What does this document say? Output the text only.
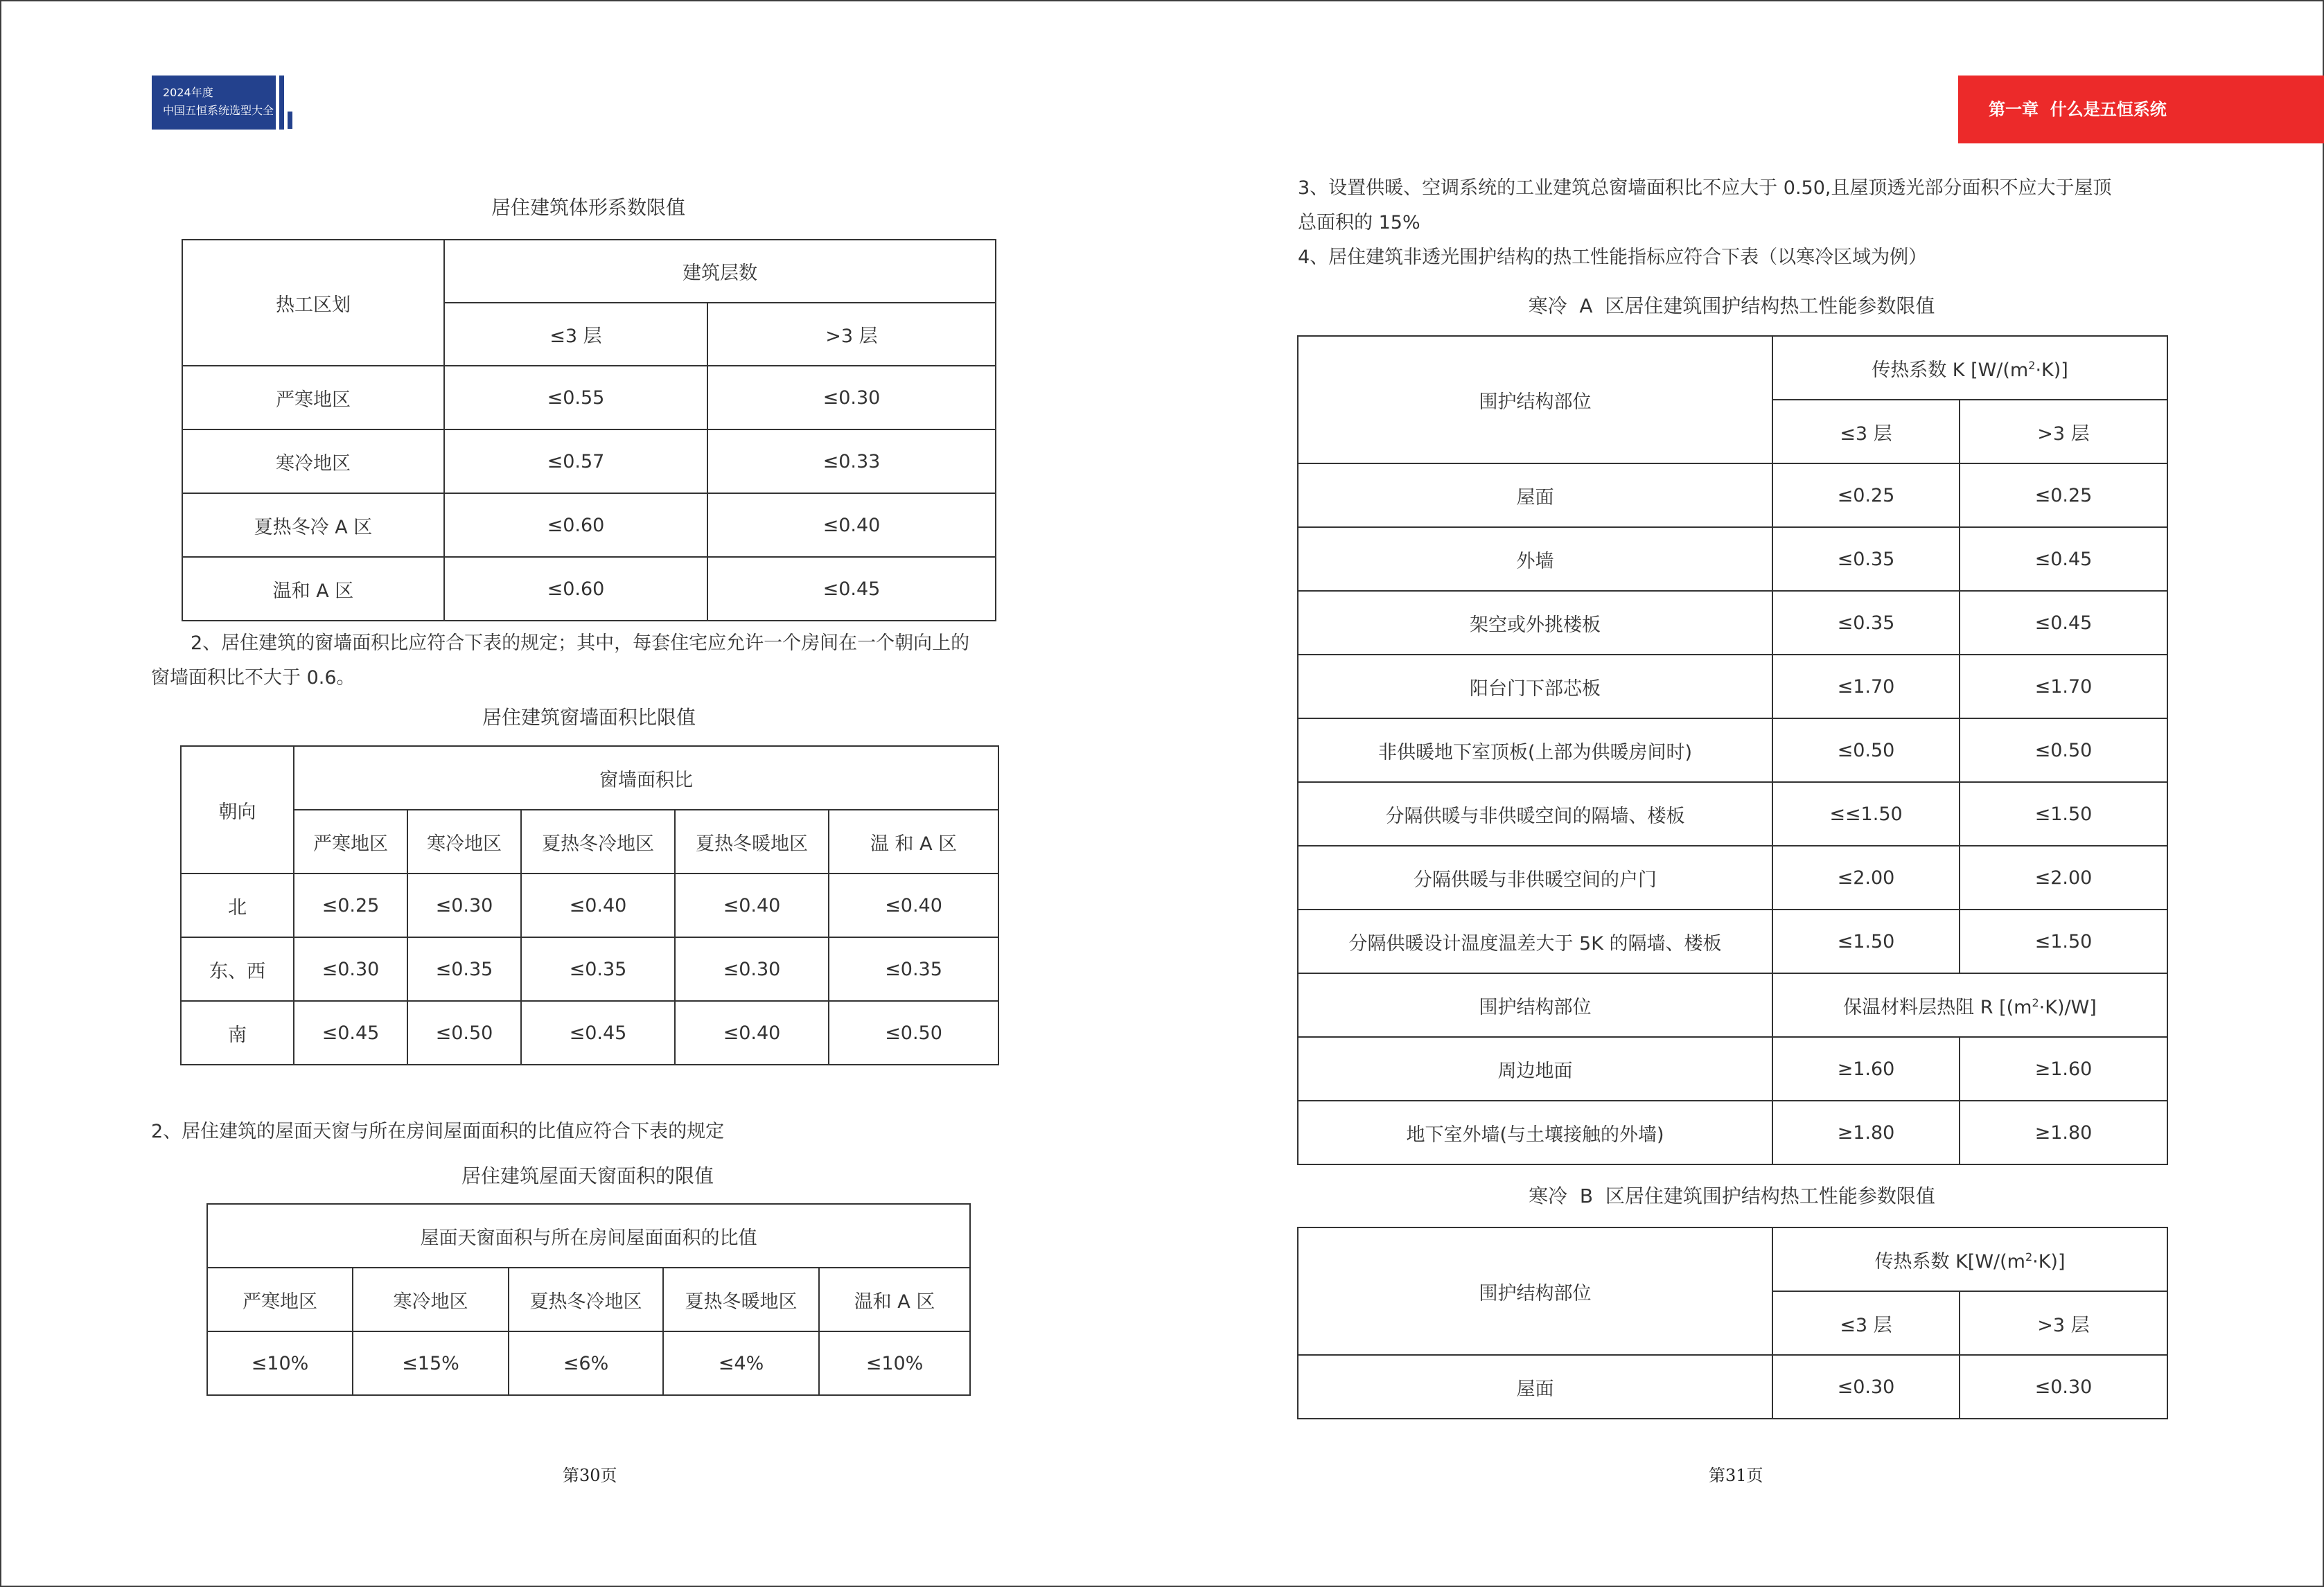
2024年度
中国五恒系统选型大全	第一章  什么是五恒系统
居住建筑体形系数限值
热工区划	建筑层数	
	≤3 层	>3 层
严寒地区	≤0.55	≤0.30
寒冷地区	≤0.57	≤0.33
夏热冬冷 A 区	≤0.60	≤0.40
温和 A 区	≤0.60	≤0.45
2、居住建筑的窗墙面积比应符合下表的规定；其中，每套住宅应允许一个房间在一个朝向上的
窗墙面积比不大于 0.6。
居住建筑窗墙面积比限值
朝向	窗墙面积比				
	严寒地区	寒冷地区	夏热冬冷地区	夏热冬暖地区	温 和 A 区
北	≤0.25	≤0.30	≤0.40	≤0.40	≤0.40
东、西	≤0.30	≤0.35	≤0.35	≤0.30	≤0.35
南	≤0.45	≤0.50	≤0.45	≤0.40	≤0.50
2、居住建筑的屋面天窗与所在房间屋面面积的比值应符合下表的规定
居住建筑屋面天窗面积的限值
屋面天窗面积与所在房间屋面面积的比值				
严寒地区	寒冷地区	夏热冬冷地区	夏热冬暖地区	温和 A 区
≤10%	≤15%	≤6%	≤4%	≤10%
第30页
3、设置供暖、空调系统的工业建筑总窗墙面积比不应大于 0.50,且屋顶透光部分面积不应大于屋顶
总面积的 15%
4、居住建筑非透光围护结构的热工性能指标应符合下表（以寒冷区域为例）
寒冷  A  区居住建筑围护结构热工性能参数限值
围护结构部位	传热系数 K $[W/(m^2\cdot K)]$	
	≤3 层	>3 层
屋面	≤0.25	≤0.25
外墙	≤0.35	≤0.45
架空或外挑楼板	≤0.35	≤0.45
阳台门下部芯板	≤1.70	≤1.70
非供暖地下室顶板(上部为供暖房间时)	≤0.50	≤0.50
分隔供暖与非供暖空间的隔墙、楼板	≤≤1.50	≤1.50
分隔供暖与非供暖空间的户门	≤2.00	≤2.00
分隔供暖设计温度温差大于 5K 的隔墙、楼板	≤1.50	≤1.50
围护结构部位	保温材料层热阻 R $[(m^2\cdot K)/W]$	
周边地面	≥1.60	≥1.60
地下室外墙(与土壤接触的外墙)	≥1.80	≥1.80
寒冷  B  区居住建筑围护结构热工性能参数限值
围护结构部位	传热系数 $K[W/(m^2\cdot K)]$	
	≤3 层	>3 层
屋面	≤0.30	≤0.30
第31页
